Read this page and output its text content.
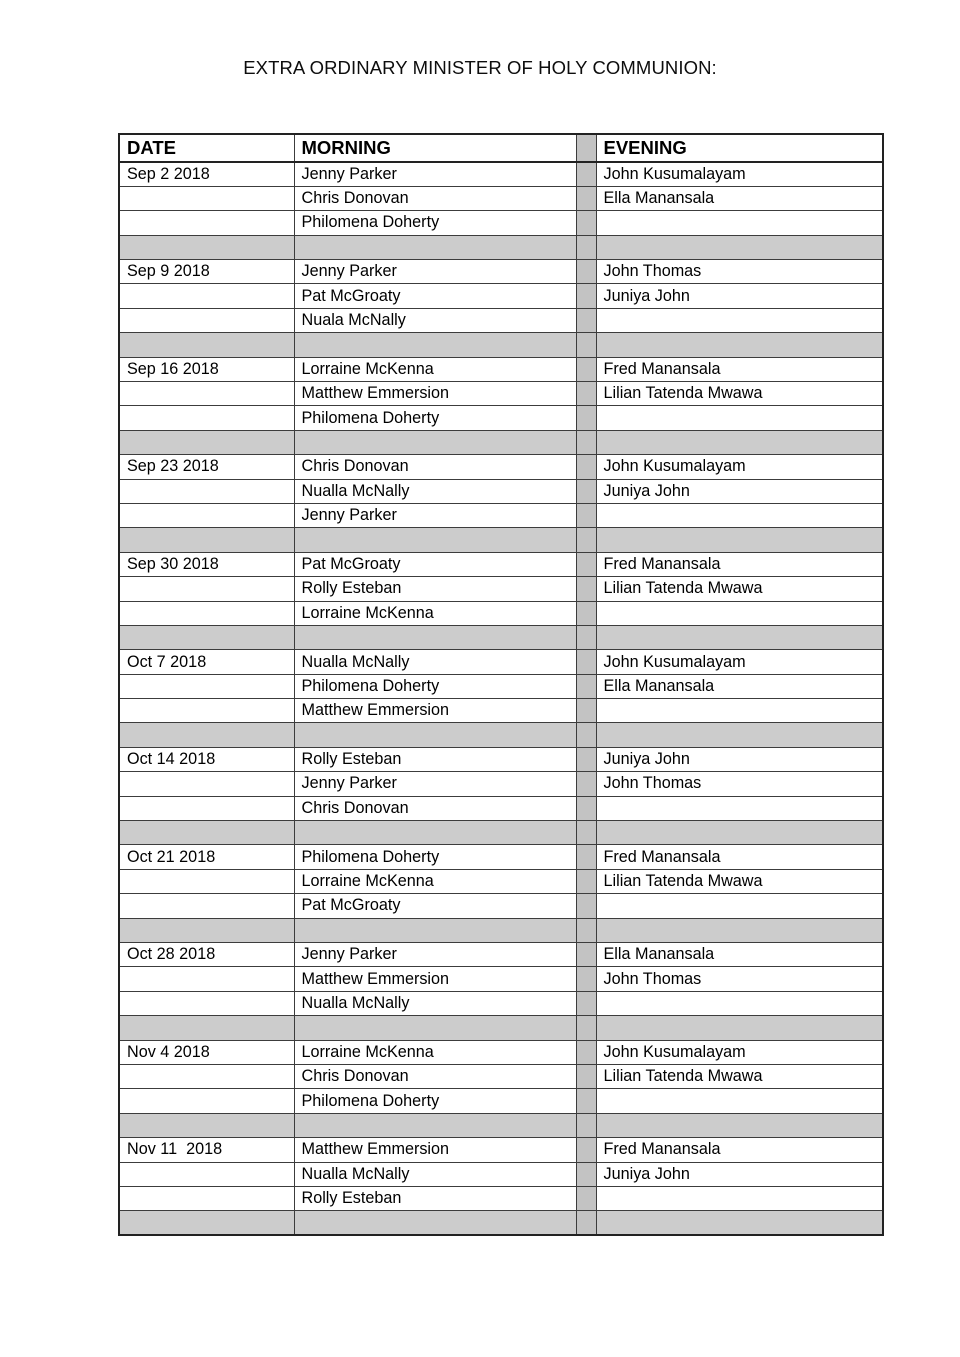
EXTRA ORDINARY MINISTER OF HOLY COMMUNION:
DATE	MORNING		EVENING
Sep 2 2018	Jenny Parker		John Kusumalayam
	Chris Donovan		Ella Manansala
	Philomena Doherty		

Sep 9 2018	Jenny Parker		John Thomas
	Pat McGroaty		Juniya John
	Nuala McNally		

Sep 16 2018	Lorraine McKenna		Fred Manansala
	Matthew Emmersion		Lilian Tatenda Mwawa
	Philomena Doherty		

Sep 23 2018	Chris Donovan		John Kusumalayam
	Nualla McNally		Juniya John
	Jenny Parker		

Sep 30 2018	Pat McGroaty		Fred Manansala
	Rolly Esteban		Lilian Tatenda Mwawa
	Lorraine McKenna		

Oct 7 2018	Nualla McNally		John Kusumalayam
	Philomena Doherty		Ella Manansala
	Matthew Emmersion		

Oct 14 2018	Rolly Esteban		Juniya John
	Jenny Parker		John Thomas
	Chris Donovan		

Oct 21 2018	Philomena Doherty		Fred Manansala
	Lorraine McKenna		Lilian Tatenda Mwawa
	Pat McGroaty		

Oct 28 2018	Jenny Parker		Ella Manansala
	Matthew Emmersion		John Thomas
	Nualla McNally		

Nov 4 2018	Lorraine McKenna		John Kusumalayam
	Chris Donovan		Lilian Tatenda Mwawa
	Philomena Doherty		

Nov 11  2018	Matthew Emmersion		Fred Manansala
	Nualla McNally		Juniya John
	Rolly Esteban		
